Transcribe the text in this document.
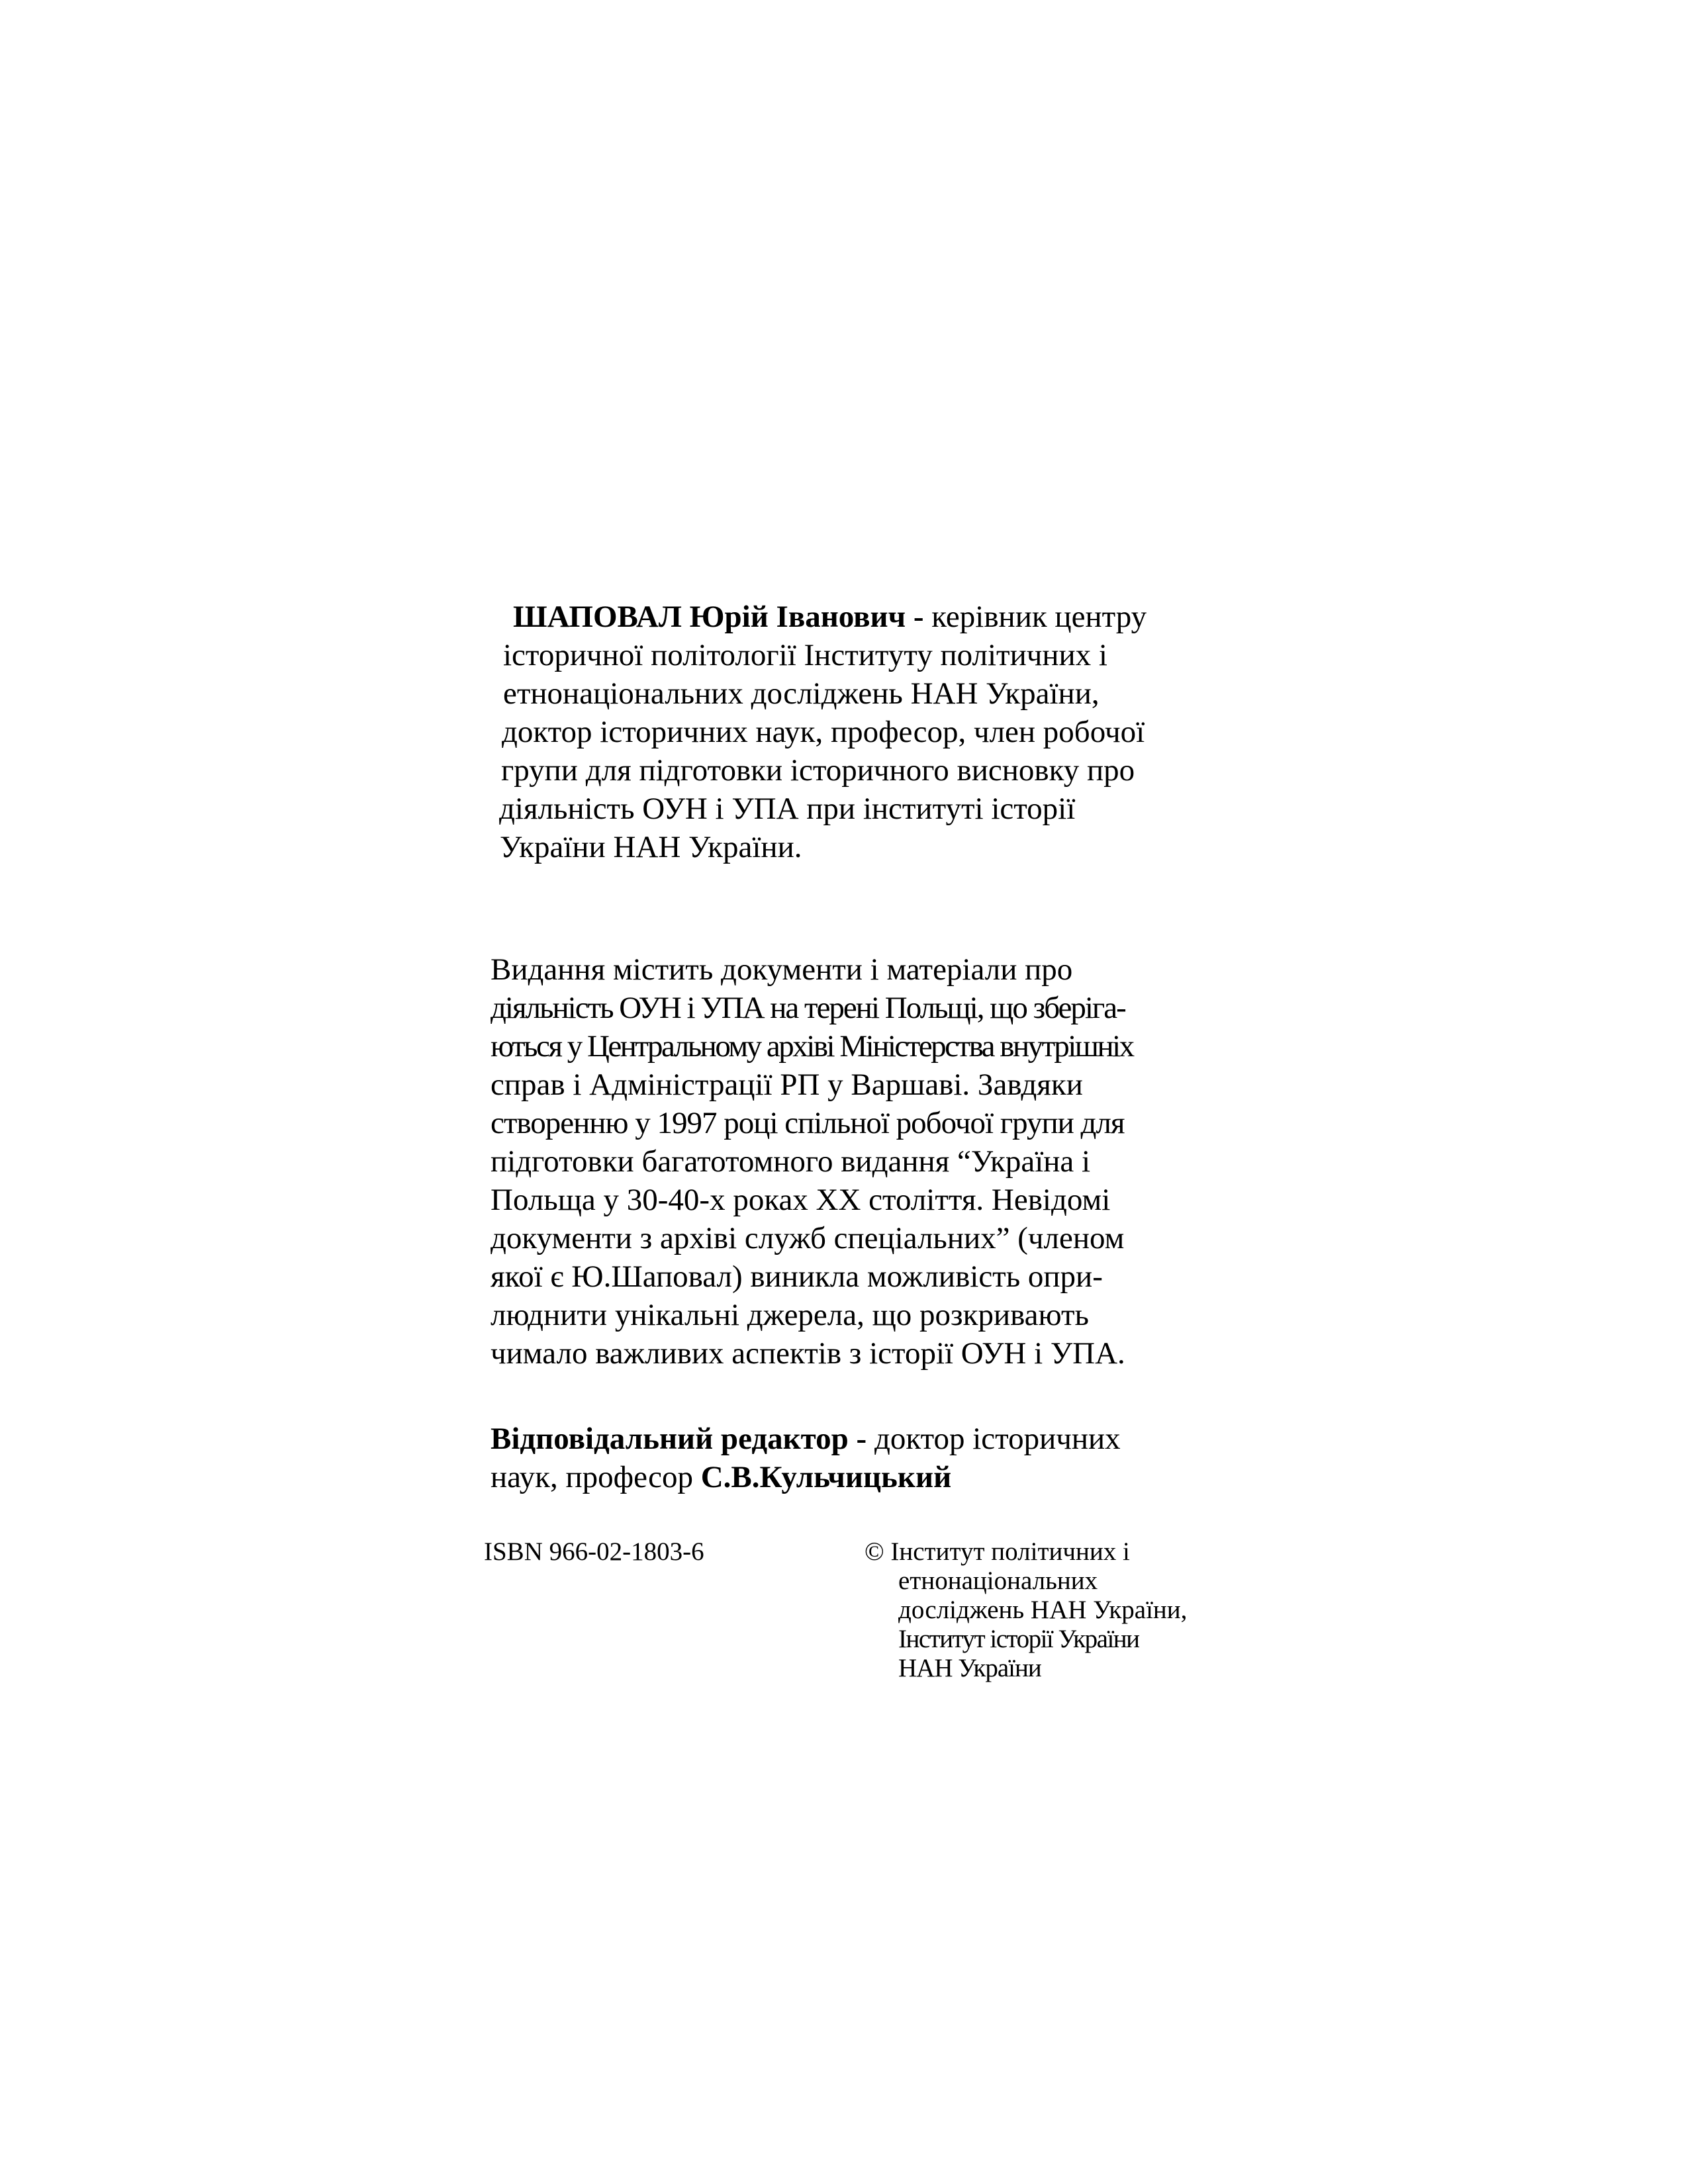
ШАПОВАЛ Юрій Іванович - керівник центру
історичної політології Інституту політичних і
етнонаціональних досліджень НАН України,
доктор історичних наук, професор, член робочої
групи для підготовки історичного висновку про
діяльність ОУН і УПА при інституті історії
України НАН України.
Видання містить документи і матеріали про
діяльність ОУН і УПА на терені Польщі, що зберіга-
ються у Центральному архіві Міністерства внутрішніх
справ і Адміністрації РП у Варшаві. Завдяки
створенню у 1997 році спільної робочої групи для
підготовки багатотомного видання “Україна і
Польща у 30-40-х роках ХХ століття. Невідомі
документи з архіві служб спеціальних” (членом
якої є Ю.Шаповал) виникла можливість опри-
люднити унікальні джерела, що розкривають
чимало важливих аспектів з історії ОУН і УПА.
Відповідальний редактор - доктор історичних
наук, професор С.В.Кульчицький
ISBN 966-02-1803-6	© Інститут політичних і
етнонаціональних
досліджень НАН України,
Інститут історії України
НАН України
